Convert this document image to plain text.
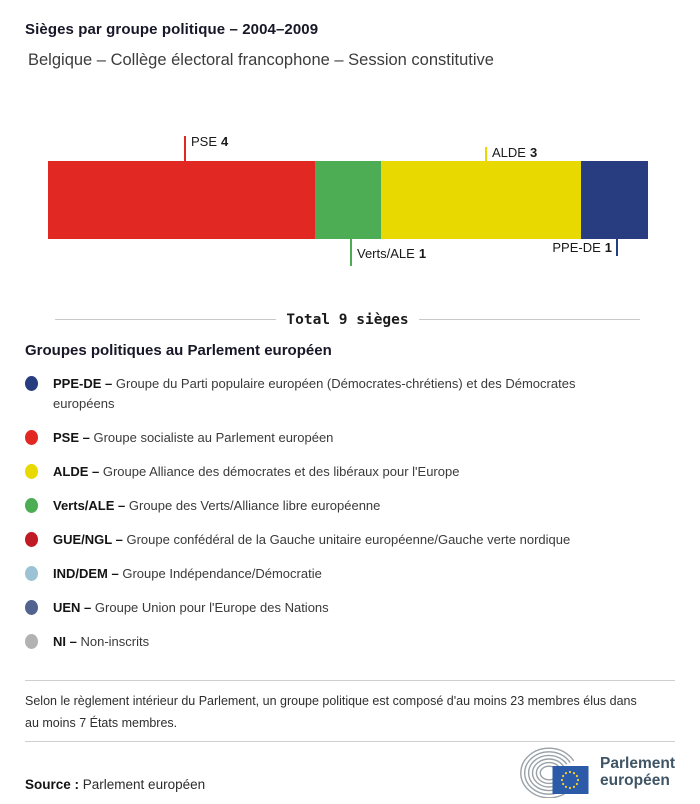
Sièges par groupe politique – 2004–2009
Belgique – Collège électoral francophone – Session constitutive
PSE 4
ALDE 3
Verts/ALE 1	PPE-DE 1
Total 9 sièges
Groupes politiques au Parlement européen
PPE-DE – Groupe du Parti populaire européen (Démocrates-chrétiens) et des Démocrates européens
PSE – Groupe socialiste au Parlement européen
ALDE – Groupe Alliance des démocrates et des libéraux pour l'Europe
Verts/ALE – Groupe des Verts/Alliance libre européenne
GUE/NGL – Groupe confédéral de la Gauche unitaire européenne/Gauche verte nordique
IND/DEM – Groupe Indépendance/Démocratie
UEN – Groupe Union pour l'Europe des Nations
NI – Non-inscrits
Selon le règlement intérieur du Parlement, un groupe politique est composé d'au moins 23 membres élus dans au moins 7 États membres.
Source : Parlement européen
Parlement
européen
